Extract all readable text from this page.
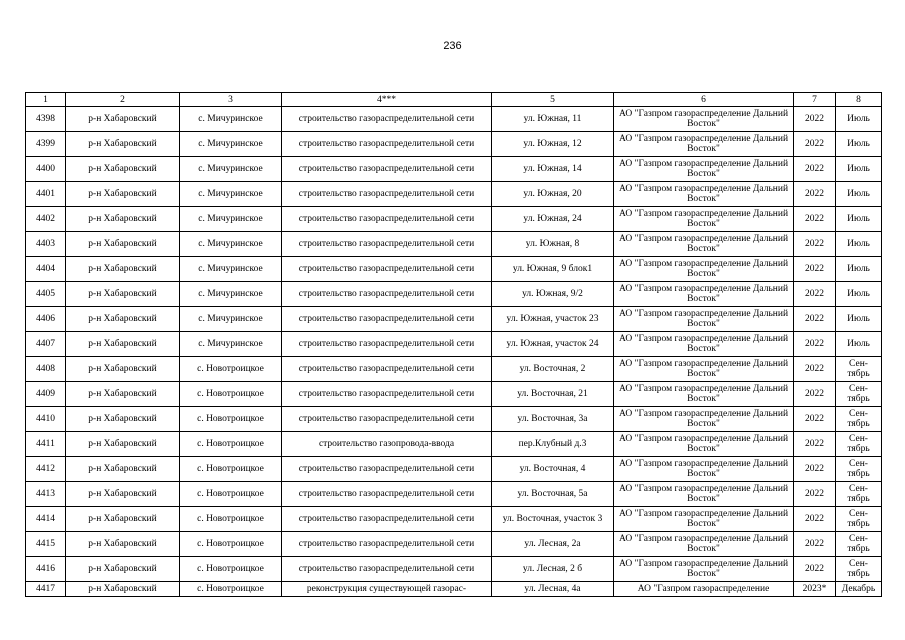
236
1	2	3	4***	5	6	7	8
4398	р-н Хабаровский	с. Мичуринское	строительство газораспределительной сети	ул. Южная, 11	АО "Газпром газораспределение Дальний Восток"	2022	Июль
4399	р-н Хабаровский	с. Мичуринское	строительство газораспределительной сети	ул. Южная, 12	АО "Газпром газораспределение Дальний Восток"	2022	Июль
4400	р-н Хабаровский	с. Мичуринское	строительство газораспределительной сети	ул. Южная, 14	АО "Газпром газораспределение Дальний Восток"	2022	Июль
4401	р-н Хабаровский	с. Мичуринское	строительство газораспределительной сети	ул. Южная, 20	АО "Газпром газораспределение Дальний Восток"	2022	Июль
4402	р-н Хабаровский	с. Мичуринское	строительство газораспределительной сети	ул. Южная, 24	АО "Газпром газораспределение Дальний Восток"	2022	Июль
4403	р-н Хабаровский	с. Мичуринское	строительство газораспределительной сети	ул. Южная, 8	АО "Газпром газораспределение Дальний Восток"	2022	Июль
4404	р-н Хабаровский	с. Мичуринское	строительство газораспределительной сети	ул. Южная, 9 блок1	АО "Газпром газораспределение Дальний Восток"	2022	Июль
4405	р-н Хабаровский	с. Мичуринское	строительство газораспределительной сети	ул. Южная, 9/2	АО "Газпром газораспределение Дальний Восток"	2022	Июль
4406	р-н Хабаровский	с. Мичуринское	строительство газораспределительной сети	ул. Южная, участок 23	АО "Газпром газораспределение Дальний Восток"	2022	Июль
4407	р-н Хабаровский	с. Мичуринское	строительство газораспределительной сети	ул. Южная, участок 24	АО "Газпром газораспределение Дальний Восток"	2022	Июль
4408	р-н Хабаровский	с. Новотроицкое	строительство газораспределительной сети	ул. Восточная, 2	АО "Газпром газораспределение Дальний Восток"	2022	Сен-тябрь
4409	р-н Хабаровский	с. Новотроицкое	строительство газораспределительной сети	ул. Восточная, 21	АО "Газпром газораспределение Дальний Восток"	2022	Сен-тябрь
4410	р-н Хабаровский	с. Новотроицкое	строительство газораспределительной сети	ул. Восточная, 3а	АО "Газпром газораспределение Дальний Восток"	2022	Сен-тябрь
4411	р-н Хабаровский	с. Новотроицкое	строительство газопровода-ввода	пер.Клубный д.3	АО "Газпром газораспределение Дальний Восток"	2022	Сен-тябрь
4412	р-н Хабаровский	с. Новотроицкое	строительство газораспределительной сети	ул. Восточная, 4	АО "Газпром газораспределение Дальний Восток"	2022	Сен-тябрь
4413	р-н Хабаровский	с. Новотроицкое	строительство газораспределительной сети	ул. Восточная, 5а	АО "Газпром газораспределение Дальний Восток"	2022	Сен-тябрь
4414	р-н Хабаровский	с. Новотроицкое	строительство газораспределительной сети	ул. Восточная, участок 3	АО "Газпром газораспределение Дальний Восток"	2022	Сен-тябрь
4415	р-н Хабаровский	с. Новотроицкое	строительство газораспределительной сети	ул. Лесная, 2а	АО "Газпром газораспределение Дальний Восток"	2022	Сен-тябрь
4416	р-н Хабаровский	с. Новотроицкое	строительство газораспределительной сети	ул. Лесная, 2 б	АО "Газпром газораспределение Дальний Восток"	2022	Сен-тябрь
4417	р-н Хабаровский	с. Новотроицкое	реконструкция существующей газорас-	ул. Лесная, 4а	АО "Газпром газораспределение	2023*	Декабрь
